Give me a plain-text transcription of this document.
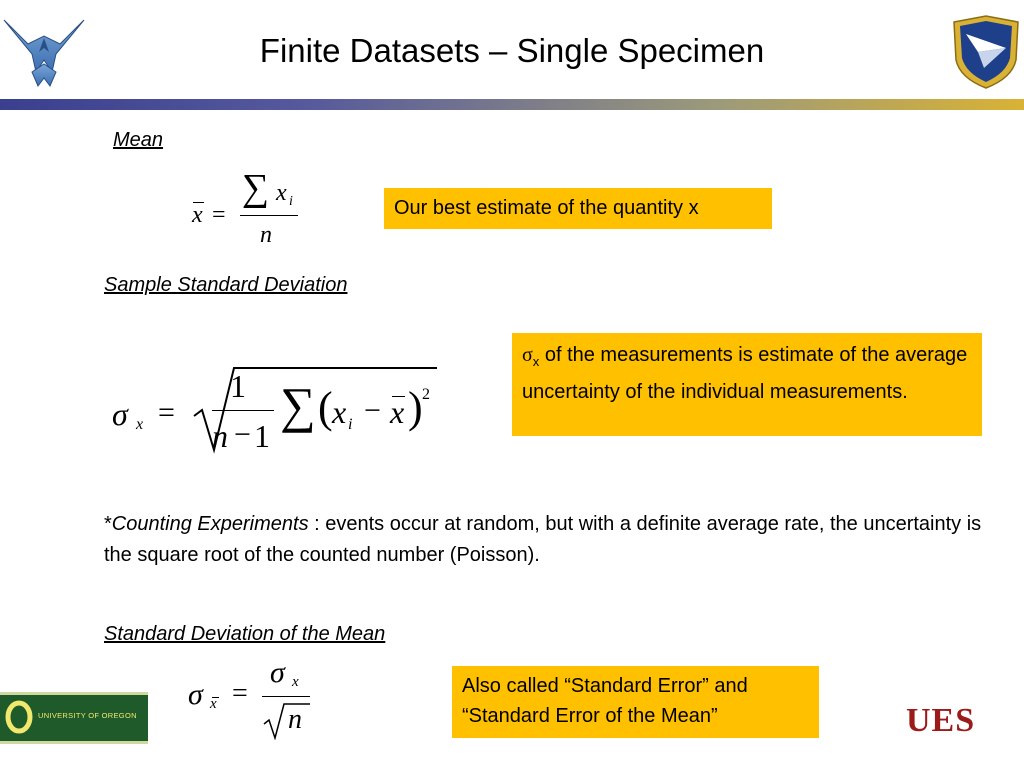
Finite Datasets – Single Specimen
Mean
x =
∑ x i
n
Our best estimate of the quantity x
Sample Standard Deviation
σ x =
1
n − 1
∑ ( x i − x ) 2
$\sigma_x$ of the measurements is estimate of the average uncertainty of the individual measurements.
*Counting Experiments : events occur at random, but with a definite average rate, the uncertainty is the square root of the counted number (Poisson).
Standard Deviation of the Mean
σ x =
σ x
n
Also called “Standard Error” and “Standard Error of the Mean”
UNIVERSITY OF OREGON	UES
